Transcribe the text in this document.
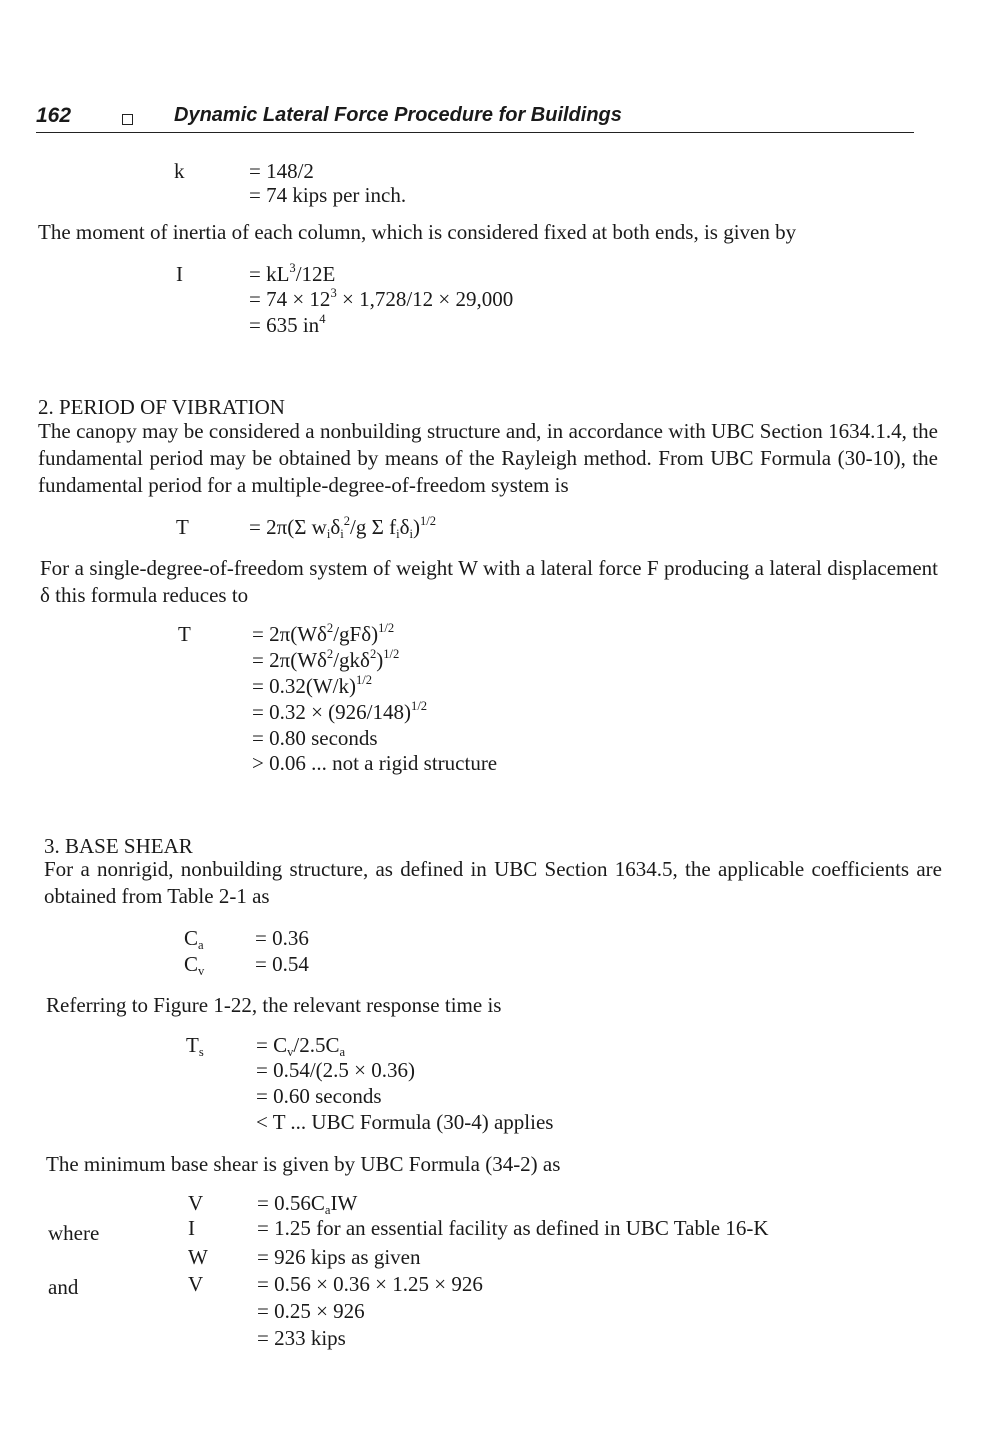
162	Dynamic Lateral Force Procedure for Buildings
k	= 148/2
= 74 kips per inch.
The moment of inertia of each column, which is considered fixed at both ends, is given by
I	= $kL^3/12E$
= $74 \times 12^3 \times 1,728/12 \times 29,000$
= 635 $in^4$
2. PERIOD OF VIBRATION
The canopy may be considered a nonbuilding structure and, in accordance with UBC Section 1634.1.4, the fundamental period may be obtained by means of the Rayleigh method. From UBC Formula (30-10), the fundamental period for a multiple-degree-of-freedom system is
T	= 2π(Σ $w_i\delta_i^2/g$ Σ $f_i\delta_i)^{1/2}$
For a single-degree-of-freedom system of weight W with a lateral force F producing a lateral displacement δ this formula reduces to
T	= $2\pi(W\delta^2/gF\delta)^{1/2}$
= $2\pi(W\delta^2/gk\delta^2)^{1/2}$
= $0.32(W/k)^{1/2}$
= $0.32 \times (926/148)^{1/2}$
= 0.80 seconds
> 0.06 ... not a rigid structure
3. BASE SHEAR
For a nonrigid, nonbuilding structure, as defined in UBC Section 1634.5, the applicable coefficients are obtained from Table 2-1 as
$C_a = 0.36$
$C_v = 0.54$
Referring to Figure 1-22, the relevant response time is
$T_s = C_v/2.5C_a$
= 0.54/(2.5 × 0.36)
= 0.60 seconds
< T ... UBC Formula (30-4) applies
The minimum base shear is given by UBC Formula (34-2) as
V	= $0.56C_aIW$
where	I	= 1.25 for an essential facility as defined in UBC Table 16-K
W = 926 kips as given
and	V	= 0.56 × 0.36 × 1.25 × 926
= 0.25 × 926
= 233 kips
